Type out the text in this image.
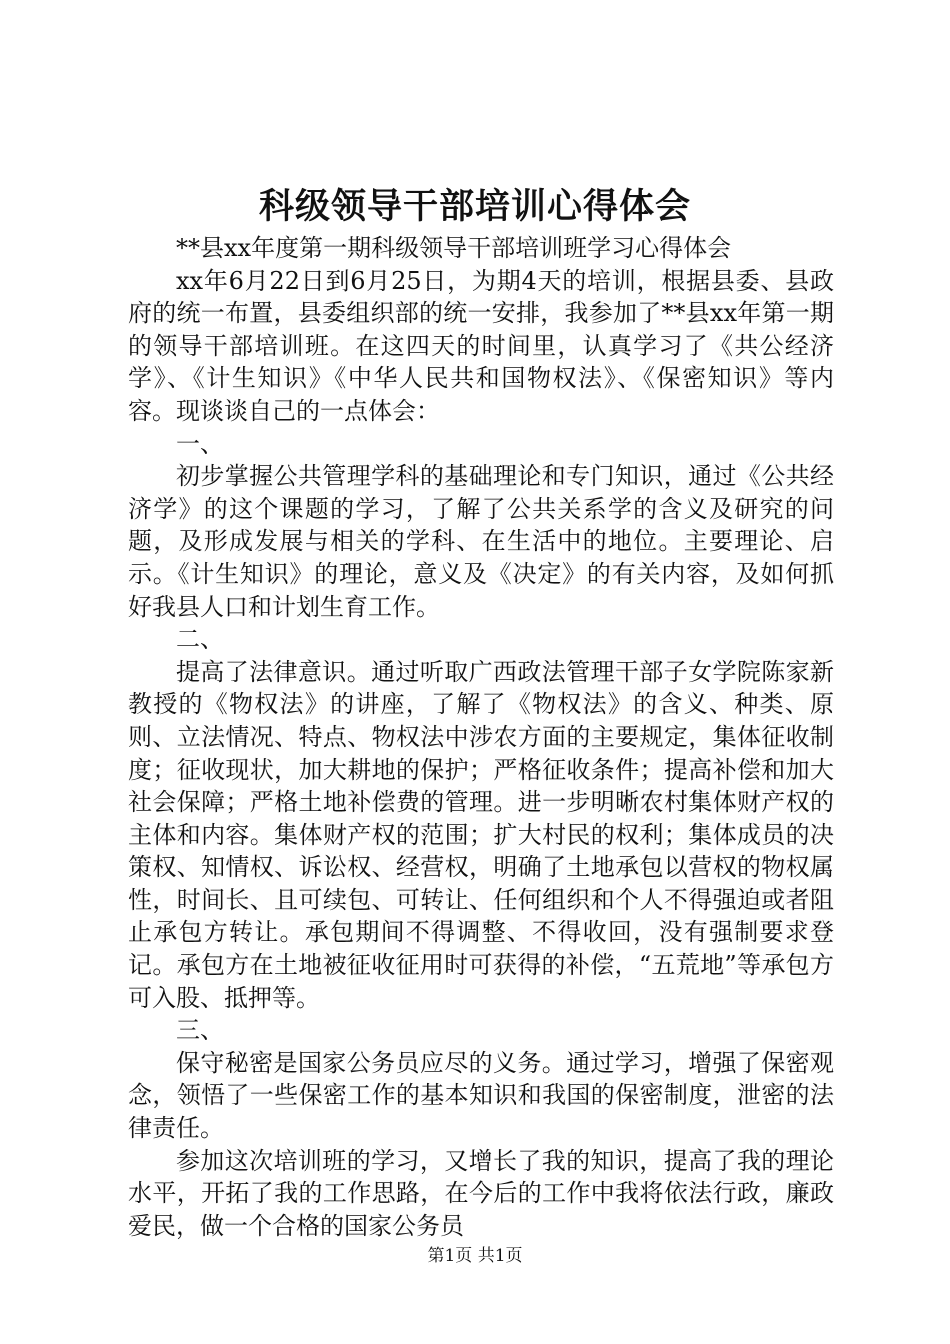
科级领导干部培训心得体会

**县xx年度第一期科级领导干部培训班学习心得体会

xx年6月22日到6月25日，为期4天的培训，根据县委、县政府的统一布置，县委组织部的统一安排，我参加了**县xx年第一期的领导干部培训班。在这四天的时间里，认真学习了《共公经济学》、《计生知识》《中华人民共和国物权法》、《保密知识》等内容。现谈谈自己的一点体会：

一、

初步掌握公共管理学科的基础理论和专门知识，通过《公共经济学》的这个课题的学习，了解了公共关系学的含义及研究的问题，及形成发展与相关的学科、在生活中的地位。主要理论、启示。《计生知识》的理论，意义及《决定》的有关内容，及如何抓好我县人口和计划生育工作。

二、

提高了法律意识。通过听取广西政法管理干部子女学院陈家新教授的《物权法》的讲座，了解了《物权法》的含义、种类、原则、立法情况、特点、物权法中涉农方面的主要规定，集体征收制度；征收现状，加大耕地的保护；严格征收条件；提高补偿和加大社会保障；严格土地补偿费的管理。进一步明晰农村集体财产权的主体和内容。集体财产权的范围；扩大村民的权利；集体成员的决策权、知情权、诉讼权、经营权，明确了土地承包以营权的物权属性，时间长、且可续包、可转让、任何组织和个人不得强迫或者阻止承包方转让。承包期间不得调整、不得收回，没有强制要求登记。承包方在土地被征收征用时可获得的补偿，“五荒地”等承包方可入股、抵押等。

三、

保守秘密是国家公务员应尽的义务。通过学习，增强了保密观念，领悟了一些保密工作的基本知识和我国的保密制度，泄密的法律责任。

参加这次培训班的学习，又增长了我的知识，提高了我的理论水平，开拓了我的工作思路，在今后的工作中我将依法行政，廉政爱民，做一个合格的国家公务员

第1页 共1页
